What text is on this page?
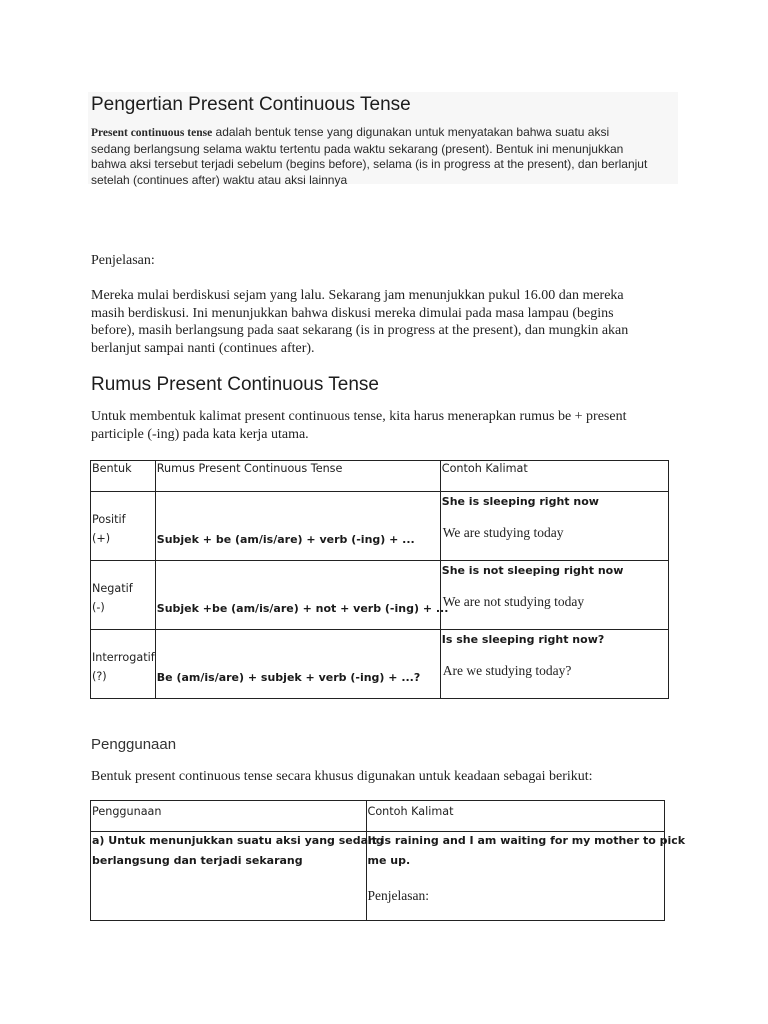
Pengertian Present Continuous Tense

Present continuous tense adalah bentuk tense yang digunakan untuk menyatakan bahwa suatu aksi
sedang berlangsung selama waktu tertentu pada waktu sekarang (present). Bentuk ini menunjukkan
bahwa aksi tersebut terjadi sebelum (begins before), selama (is in progress at the present), dan berlanjut
setelah (continues after) waktu atau aksi lainnya

Penjelasan:

Mereka mulai berdiskusi sejam yang lalu. Sekarang jam menunjukkan pukul 16.00 dan mereka
masih berdiskusi. Ini menunjukkan bahwa diskusi mereka dimulai pada masa lampau (begins
before), masih berlangsung pada saat sekarang (is in progress at the present), dan mungkin akan
berlanjut sampai nanti (continues after).

Rumus Present Continuous Tense

Untuk membentuk kalimat present continuous tense, kita harus menerapkan rumus be + present
participle (-ing) pada kata kerja utama.

Bentuk	Rumus Present Continuous Tense	Contoh Kalimat

Positif
(+)	Subjek + be (am/is/are) + verb (-ing) + ...	She is sleeping right now
We are studying today

Negatif
(-)	Subjek +be (am/is/are) + not + verb (-ing) + ...	She is not sleeping right now
We are not studying today

Interrogatif
(?)	Be (am/is/are) + subjek + verb (-ing) + ...?	Is she sleeping right now?
Are we studying today?
Penggunaan

Bentuk present continuous tense secara khusus digunakan untuk keadaan sebagai berikut:

Penggunaan	Contoh Kalimat

a) Untuk menunjukkan suatu aksi yang sedang
berlangsung dan terjadi sekarang	It is raining and I am waiting for my mother to pick
me up.
Penjelasan:
